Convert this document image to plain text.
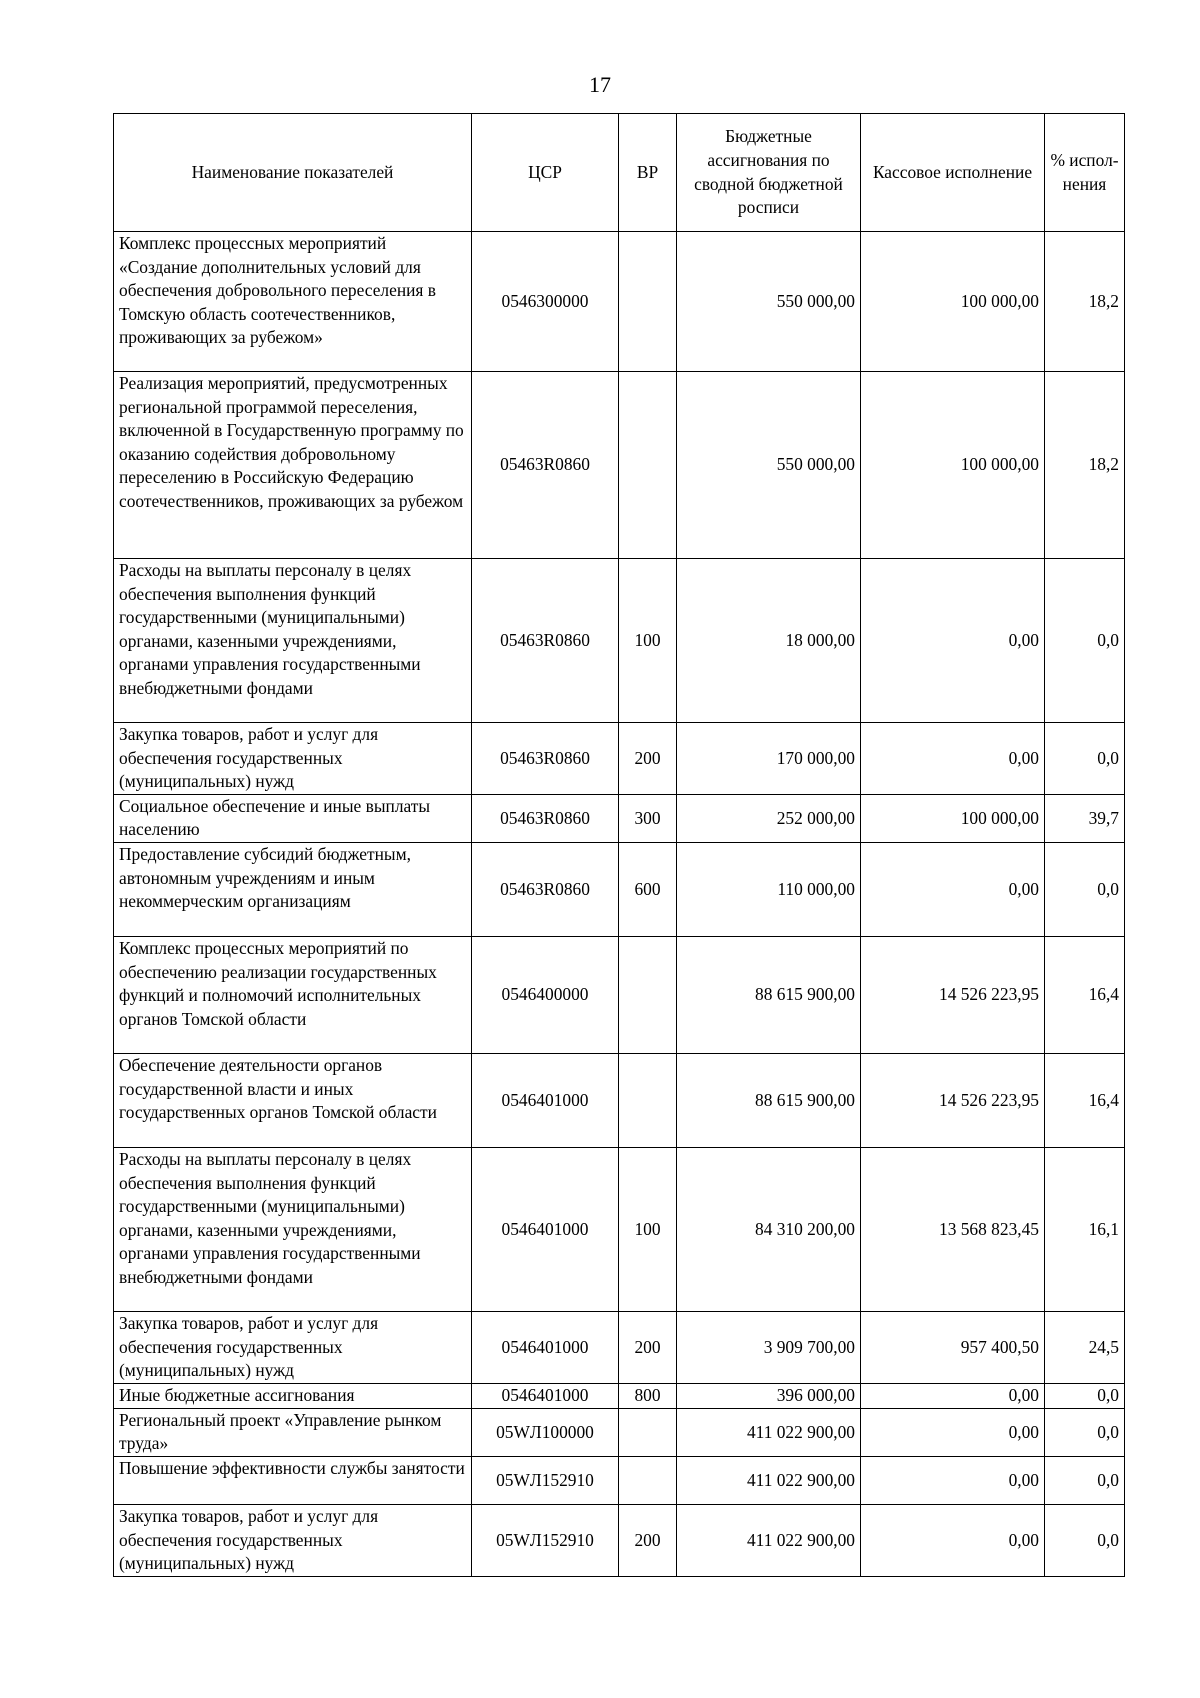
17
Наименование показателей	ЦСР	ВР	Бюджетные ассигнования по сводной бюджетной росписи	Кассовое исполнение	% испол-нения
Комплекс процессных мероприятий «Создание дополнительных условий для обеспечения добровольного переселения в Томскую область соотечественников, проживающих за рубежом»	0546300000		550 000,00	100 000,00	18,2
Реализация мероприятий, предусмотренных региональной программой переселения, включенной в Государственную программу по оказанию содействия добровольному переселению в Российскую Федерацию соотечественников, проживающих за рубежом	05463R0860		550 000,00	100 000,00	18,2
Расходы на выплаты персоналу в целях обеспечения выполнения функций государственными (муниципальными) органами, казенными учреждениями, органами управления государственными внебюджетными фондами	05463R0860	100	18 000,00	0,00	0,0
Закупка товаров, работ и услуг для обеспечения государственных (муниципальных) нужд	05463R0860	200	170 000,00	0,00	0,0
Социальное обеспечение и иные выплаты населению	05463R0860	300	252 000,00	100 000,00	39,7
Предоставление субсидий бюджетным, автономным учреждениям и иным некоммерческим организациям	05463R0860	600	110 000,00	0,00	0,0
Комплекс процессных мероприятий по обеспечению реализации государственных функций и полномочий исполнительных органов Томской области	0546400000		88 615 900,00	14 526 223,95	16,4
Обеспечение деятельности органов государственной власти и иных государственных органов Томской области	0546401000		88 615 900,00	14 526 223,95	16,4
Расходы на выплаты персоналу в целях обеспечения выполнения функций государственными (муниципальными) органами, казенными учреждениями, органами управления государственными внебюджетными фондами	0546401000	100	84 310 200,00	13 568 823,45	16,1
Закупка товаров, работ и услуг для обеспечения государственных (муниципальных) нужд	0546401000	200	3 909 700,00	957 400,50	24,5
Иные бюджетные ассигнования	0546401000	800	396 000,00	0,00	0,0
Региональный проект «Управление рынком труда»	05WЛ100000		411 022 900,00	0,00	0,0
Повышение эффективности службы занятости	05WЛ152910		411 022 900,00	0,00	0,0
Закупка товаров, работ и услуг для обеспечения государственных (муниципальных) нужд	05WЛ152910	200	411 022 900,00	0,00	0,0
